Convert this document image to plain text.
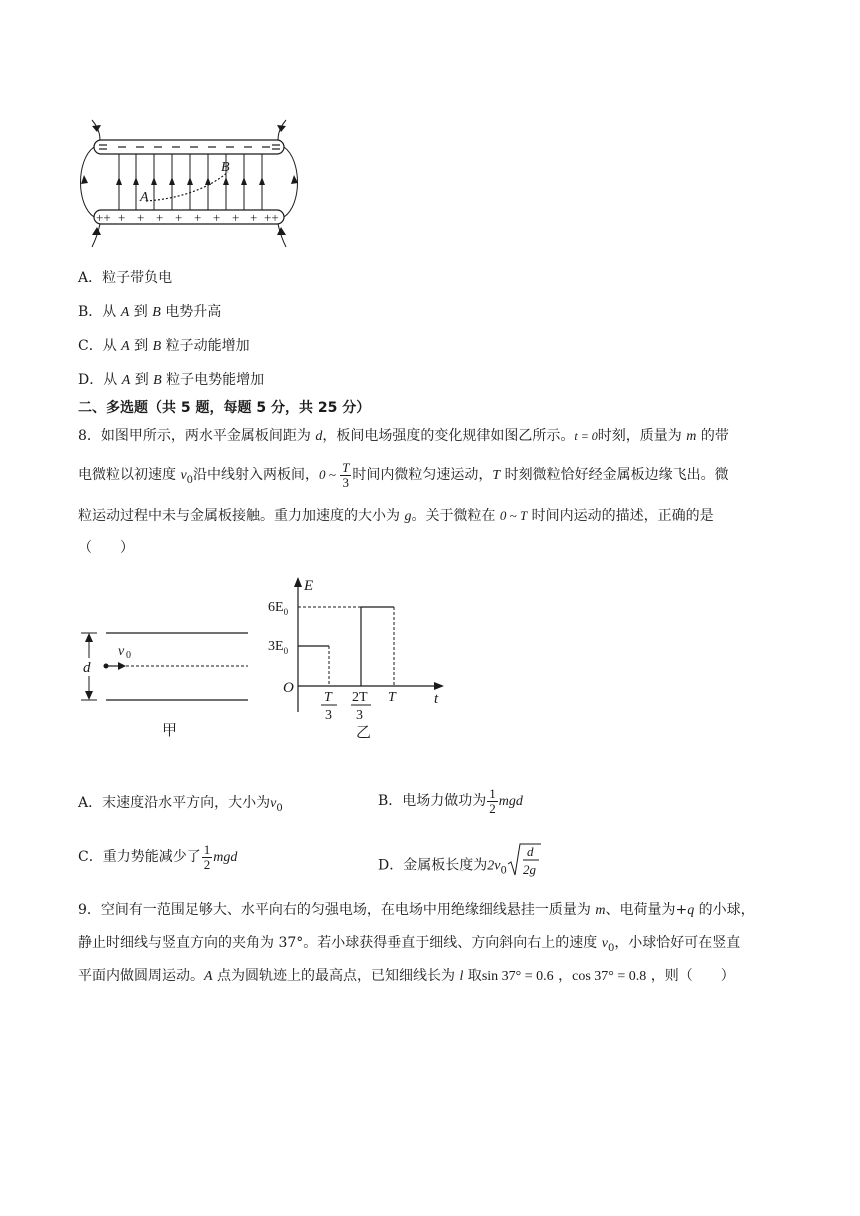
++ + + + + + + + + ++
B
A
A．粒子带负电
B．从 A 到 B 电势升高
C．从 A 到 B 粒子动能增加
D．从 A 到 B 粒子电势能增加
二、多选题（共 5 题，每题 5 分，共 25 分）
8．如图甲所示，两水平金属板间距为 d，板间电场强度的变化规律如图乙所示。t = 0时刻，质量为 m 的带
电微粒以初速度 $v_0$沿中线射入两板间，0 ~ $\frac{T}{3}$ 时间内微粒匀速运动，T 时刻微粒恰好经金属板边缘飞出。微
粒运动过程中未与金属板接触。重力加速度的大小为 g。关于微粒在 0 ~ T 时间内运动的描述，正确的是
（　　）
d
v 0
甲
E
t
O
$6E_0$
$3E_0$
T
3
2T
3
T
乙
A．末速度沿水平方向，大小为$v_0$	B．电场力做功为 $\frac{1}{2}$ mgd
C．重力势能减少了 $\frac{1}{2}$ mgd	D．金属板长度为$2v_0$
d
2g
9．空间有一范围足够大、水平向右的匀强电场，在电场中用绝缘细线悬挂一质量为 m、电荷量为+q 的小球，
静止时细线与竖直方向的夹角为 37°。若小球获得垂直于细线、方向斜向右上的速度 $v_0$，小球恰好可在竖直
平面内做圆周运动。A 点为圆轨迹上的最高点，已知细线长为 l 取sin 37° = 0.6 ，cos 37° = 0.8 ，则（　　）
